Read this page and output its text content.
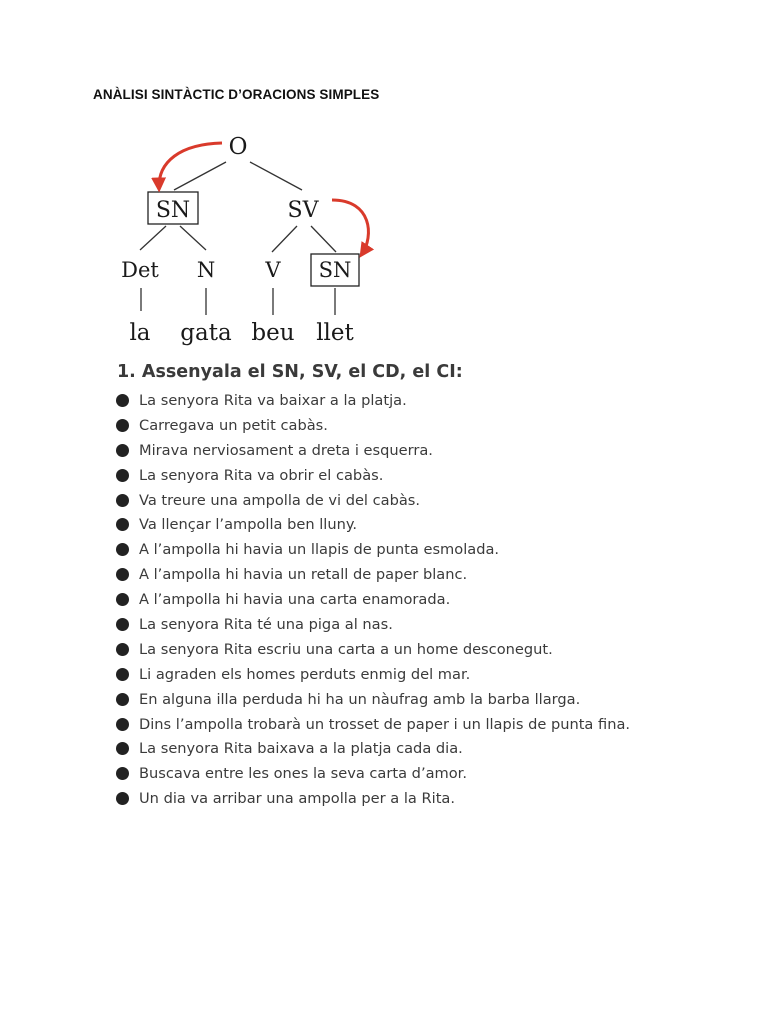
ANÀLISI SINTÀCTIC D’ORACIONS SIMPLES
O
SN	SV
Det N V SN
la gata beu llet
1. Assenyala el SN, SV, el CD, el CI:
La senyora Rita va baixar a la platja.
Carregava un petit cabàs.
Mirava nerviosament a dreta i esquerra.
La senyora Rita va obrir el cabàs.
Va treure una ampolla de vi del cabàs.
Va llençar l’ampolla ben lluny.
A l’ampolla hi havia un llapis de punta esmolada.
A l’ampolla hi havia un retall de paper blanc.
A l’ampolla hi havia una carta enamorada.
La senyora Rita té una piga al nas.
La senyora Rita escriu una carta a un home desconegut.
Li agraden els homes perduts enmig del mar.
En alguna illa perduda hi ha un nàufrag amb la barba llarga.
Dins l’ampolla trobarà un trosset de paper i un llapis de punta fina.
La senyora Rita baixava a la platja cada dia.
Buscava entre les ones la seva carta d’amor.
Un dia va arribar una ampolla per a la Rita.
